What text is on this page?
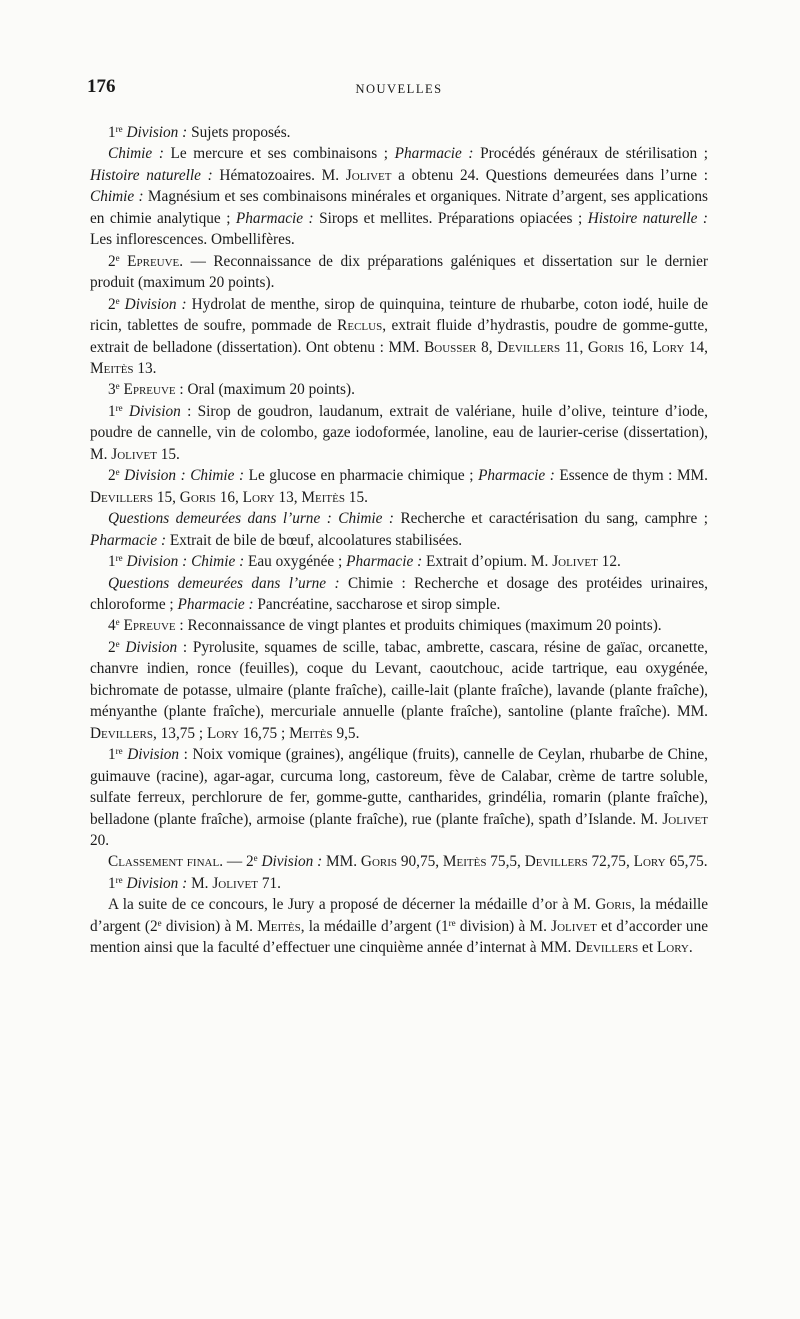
176	NOUVELLES

1re Division : Sujets proposés.

Chimie : Le mercure et ses combinaisons ; Pharmacie : Procédés généraux de stérilisation ; Histoire naturelle : Hématozoaires. M. Jolivet a obtenu 24. Questions demeurées dans l’urne : Chimie : Magnésium et ses combinaisons minérales et organiques. Nitrate d’argent, ses applications en chimie analytique ; Pharmacie : Sirops et mellites. Préparations opiacées ; Histoire naturelle : Les inflorescences. Ombellifères.

2e Epreuve. — Reconnaissance de dix préparations galéniques et dissertation sur le dernier produit (maximum 20 points).

2e Division : Hydrolat de menthe, sirop de quinquina, teinture de rhubarbe, coton iodé, huile de ricin, tablettes de soufre, pommade de Reclus, extrait fluide d’hydrastis, poudre de gomme-gutte, extrait de belladone (dissertation). Ont obtenu : MM. Bousser 8, Devillers 11, Goris 16, Lory 14, Meitès 13.

3e Epreuve : Oral (maximum 20 points).

1re Division : Sirop de goudron, laudanum, extrait de valériane, huile d’olive, teinture d’iode, poudre de cannelle, vin de colombo, gaze iodoformée, lanoline, eau de laurier-cerise (dissertation), M. Jolivet 15.

2e Division : Chimie : Le glucose en pharmacie chimique ; Pharmacie : Essence de thym : MM. Devillers 15, Goris 16, Lory 13, Meitès 15.

Questions demeurées dans l’urne : Chimie : Recherche et caractérisation du sang, camphre ; Pharmacie : Extrait de bile de bœuf, alcoolatures stabilisées.

1re Division : Chimie : Eau oxygénée ; Pharmacie : Extrait d’opium. M. Jolivet 12.

Questions demeurées dans l’urne : Chimie : Recherche et dosage des protéides urinaires, chloroforme ; Pharmacie : Pancréatine, saccharose et sirop simple.

4e Epreuve : Reconnaissance de vingt plantes et produits chimiques (maximum 20 points).

2e Division : Pyrolusite, squames de scille, tabac, ambrette, cascara, résine de gaïac, orcanette, chanvre indien, ronce (feuilles), coque du Levant, caoutchouc, acide tartrique, eau oxygénée, bichromate de potasse, ulmaire (plante fraîche), caille-lait (plante fraîche), lavande (plante fraîche), ményanthe (plante fraîche), mercuriale annuelle (plante fraîche), santoline (plante fraîche). MM. Devillers, 13,75 ; Lory 16,75 ; Meitès 9,5.

1re Division : Noix vomique (graines), angélique (fruits), cannelle de Ceylan, rhubarbe de Chine, guimauve (racine), agar-agar, curcuma long, castoreum, fève de Calabar, crème de tartre soluble, sulfate ferreux, perchlorure de fer, gomme-gutte, cantharides, grindélia, romarin (plante fraîche), belladone (plante fraîche), armoise (plante fraîche), rue (plante fraîche), spath d’Islande. M. Jolivet 20.

Classement final. — 2e Division : MM. Goris 90,75, Meitès 75,5, Devillers 72,75, Lory 65,75.

1re Division : M. Jolivet 71.

A la suite de ce concours, le Jury a proposé de décerner la médaille d’or à M. Goris, la médaille d’argent (2e division) à M. Meitès, la médaille d’argent (1re division) à M. Jolivet et d’accorder une mention ainsi que la faculté d’effectuer une cinquième année d’internat à MM. Devillers et Lory.
